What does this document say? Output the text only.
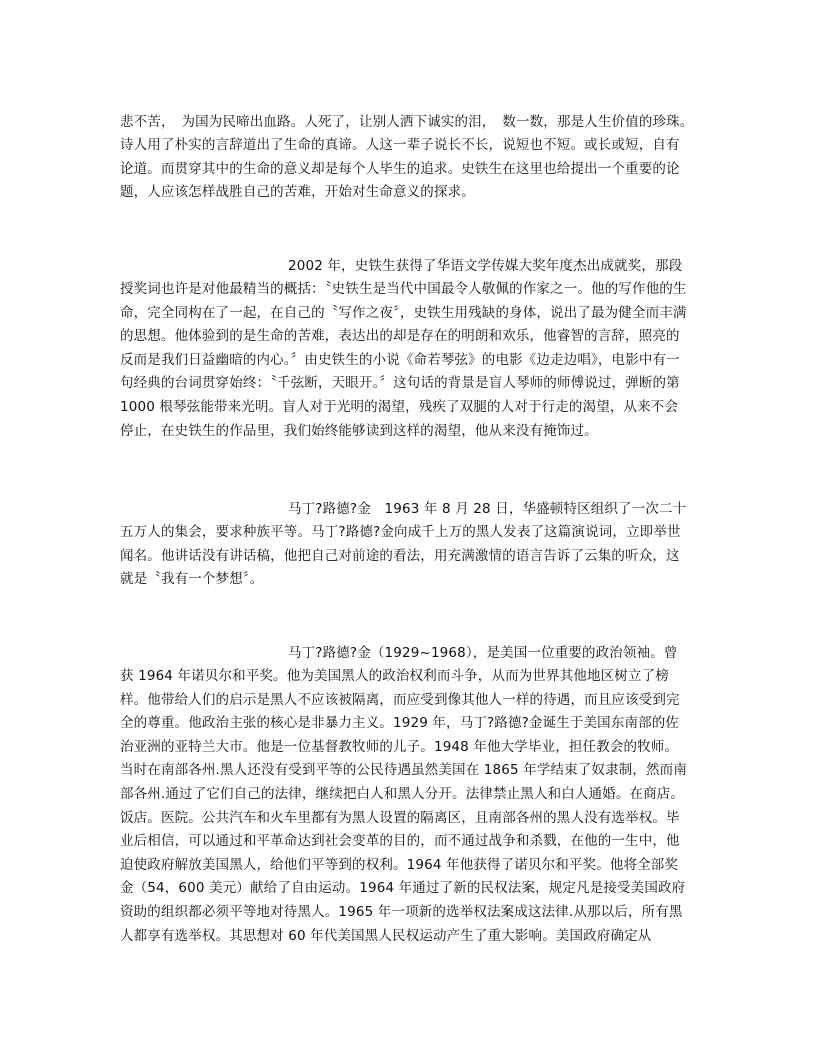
悲不苦，　为国为民啼出血路。人死了，让别人洒下诚实的泪，　数一数，那是人生价值的珍珠。　诗人用了朴实的言辞道出了生命的真谛。人这一辈子说长不长，说短也不短。或长或短，自有论道。而贯穿其中的生命的意义却是每个人毕生的追求。史铁生在这里也给提出一个重要的论题，人应该怎样战胜自己的苦难，开始对生命意义的探求。

2002 年，史铁生获得了华语文学传媒大奖年度杰出成就奖，那段授奖词也许是对他最精当的概括：〝史铁生是当代中国最令人敬佩的作家之一。他的写作他的生命，完全同构在了一起，在自己的〝写作之夜〞，史铁生用残缺的身体，说出了最为健全而丰满的思想。他体验到的是生命的苦难，表达出的却是存在的明朗和欢乐，他睿智的言辞，照亮的反而是我们日益幽暗的内心。〞由史铁生的小说《命若琴弦》的电影《边走边唱》，电影中有一句经典的台词贯穿始终：〝千弦断，天眼开。〞这句话的背景是盲人琴师的师傅说过，弹断的第 1000 根琴弦能带来光明。盲人对于光明的渴望，残疾了双腿的人对于行走的渴望，从来不会停止，在史铁生的作品里，我们始终能够读到这样的渴望，他从来没有掩饰过。

马丁?路德?金　1963 年 8 月 28 日，华盛顿特区组织了一次二十五万人的集会，要求种族平等。马丁?路德?金向成千上万的黑人发表了这篇演说词，立即举世闻名。他讲话没有讲话稿，他把自己对前途的看法，用充满激情的语言告诉了云集的听众，这就是〝我有一个梦想〞。

马丁?路德?金（1929~1968），是美国一位重要的政治领袖。曾获 1964 年诺贝尔和平奖。他为美国黑人的政治权利而斗争，从而为世界其他地区树立了榜样。他带给人们的启示是黑人不应该被隔离，而应受到像其他人一样的待遇，而且应该受到完全的尊重。他政治主张的核心是非暴力主义。1929 年，马丁?路德?金诞生于美国东南部的佐治亚洲的亚特兰大市。他是一位基督教牧师的儿子。1948 年他大学毕业，担任教会的牧师。当时在南部各州.黑人还没有受到平等的公民待遇虽然美国在 1865 年学结束了奴隶制，然而南部各州.通过了它们自己的法律，继续把白人和黑人分开。法律禁止黑人和白人通婚。在商店。饭店。医院。公共汽车和火车里都有为黑人设置的隔离区，且南部各州的黑人没有选举权。毕业后相信，可以通过和平革命达到社会变革的目的，而不通过战争和杀戮，在他的一生中，他迫使政府解放美国黑人，给他们平等到的权利。1964 年他获得了诺贝尔和平奖。他将全部奖金（54，600 美元）献给了自由运动。1964 年通过了新的民权法案，规定凡是接受美国政府资助的组织都必须平等地对待黑人。1965 年一项新的选举权法案成这法律.从那以后，所有黑人都享有选举权。其思想对 60 年代美国黑人民权运动产生了重大影响。美国政府确定从
